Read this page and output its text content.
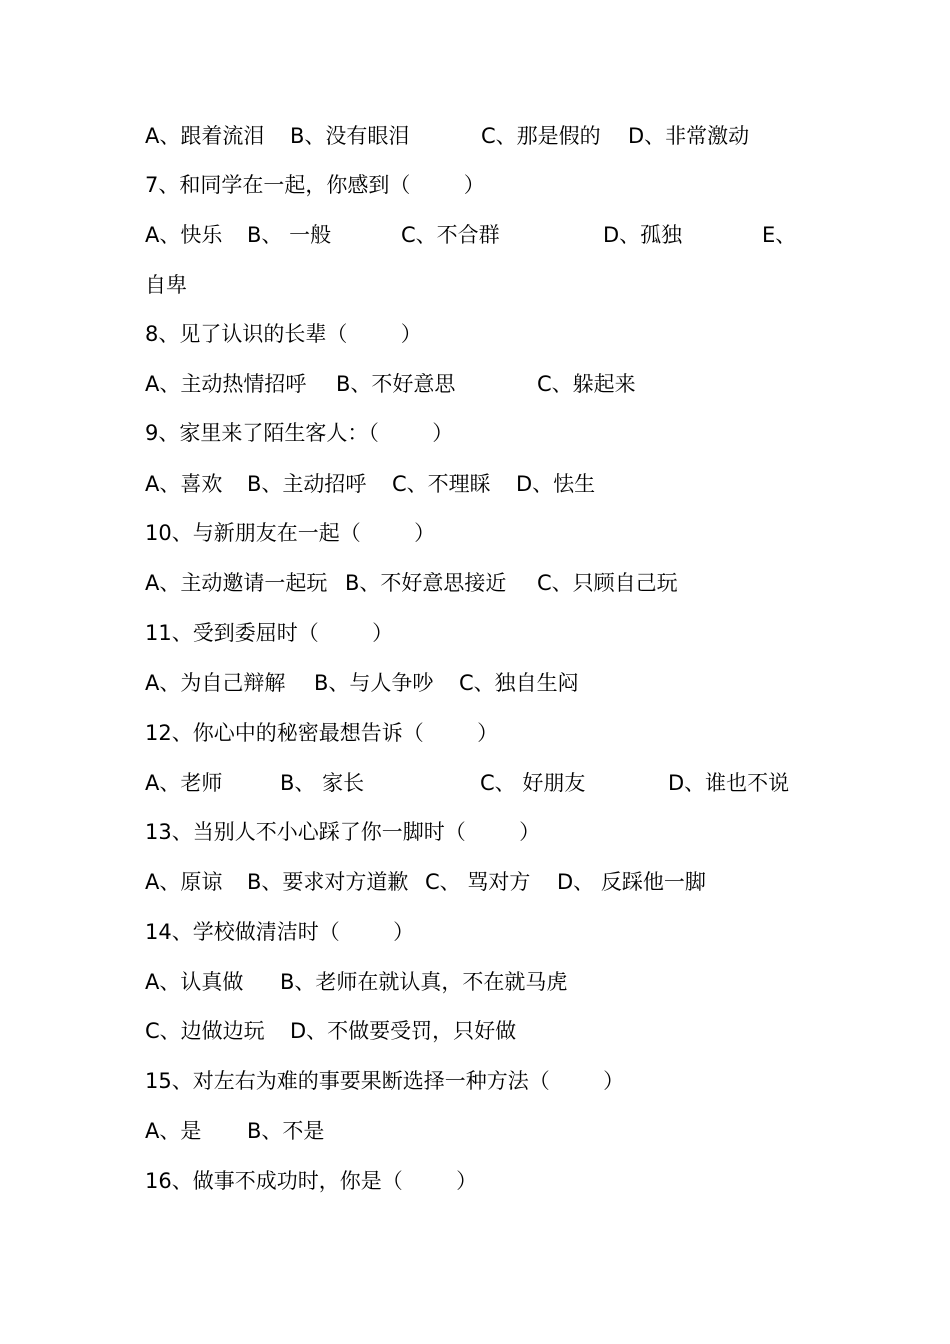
A、跟着流泪

B、没有眼泪

	C、那是假的

D、非常激动

7、和同学在一起，你感到（        ）

A、快乐

B、 一般

	C、不合群

	D、孤独

	E、

自卑
8、见了认识的长辈（        ）

A、主动热情招呼

B、不好意思

	C、躲起来

9、家里来了陌生客人：（        ）

A、喜欢

B、主动招呼

C、不理睬

D、怯生

10、与新朋友在一起（        ）

A、主动邀请一起玩

B、不好意思接近

C、只顾自己玩

11、受到委屈时（        ）

A、为自己辩解

B、与人争吵

C、独自生闷

12、你心中的秘密最想告诉（        ）

A、老师

	B、 家长

	C、 好朋友

	D、谁也不说

13、当别人不小心踩了你一脚时（        ）

A、原谅

B、要求对方道歉

C、 骂对方

D、 反踩他一脚

14、学校做清洁时（        ）

A、认真做

B、老师在就认真，不在就马虎

C、边做边玩

D、不做要受罚，只好做

15、对左右为难的事要果断选择一种方法（        ）

A、是

B、不是

16、做事不成功时，你是（        ）
